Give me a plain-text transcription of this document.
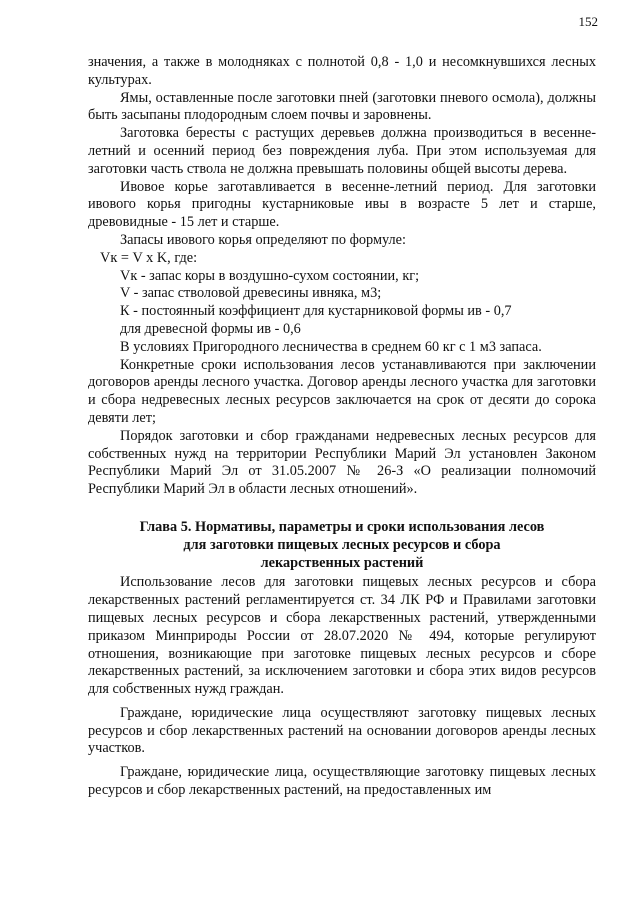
152

значения, а также в молодняках с полнотой 0,8 - 1,0 и несомкнувшихся лесных культурах.

Ямы, оставленные после заготовки пней (заготовки пневого осмола), должны быть засыпаны плодородным слоем почвы и заровнены.

Заготовка бересты с растущих деревьев должна производиться в весенне-летний и осенний период без повреждения луба. При этом используемая для заготовки часть ствола не должна превышать половины общей высоты дерева.

Ивовое корье заготавливается в весенне-летний период. Для заготовки ивового корья пригодны кустарниковые ивы в возрасте 5 лет и старше, древовидные - 15 лет и старше.

Запасы ивового корья определяют по формуле:

Vк = V x K, где:

Vк - запас коры в воздушно-сухом состоянии, кг;

V - запас стволовой древесины ивняка, м3;

К - постоянный коэффициент для кустарниковой формы ив - 0,7

для древесной формы ив - 0,6

В условиях Пригородного лесничества в среднем 60 кг с 1 м3 запаса.

Конкретные сроки использования лесов устанавливаются при заключении договоров аренды лесного участка. Договор аренды лесного участка для заготовки и сбора недревесных лесных ресурсов заключается на срок от десяти до сорока девяти лет;

Порядок заготовки и сбор гражданами недревесных лесных ресурсов для собственных нужд на территории Республики Марий Эл установлен Законом Республики Марий Эл от 31.05.2007 № 26-З «О реализации полномочий Республики Марий Эл в области лесных отношений».

Глава 5. Нормативы, параметры и сроки использования лесов
для заготовки пищевых лесных ресурсов и сбора
лекарственных растений

Использование лесов для заготовки пищевых лесных ресурсов и сбора лекарственных растений регламентируется ст. 34 ЛК РФ и Правилами заготовки пищевых лесных ресурсов и сбора лекарственных растений, утвержденными приказом Минприроды России от 28.07.2020 № 494, которые регулируют отношения, возникающие при заготовке пищевых лесных ресурсов и сборе лекарственных растений, за исключением заготовки и сбора этих видов ресурсов для собственных нужд граждан.

Граждане, юридические лица осуществляют заготовку пищевых лесных ресурсов и сбор лекарственных растений на основании договоров аренды лесных участков.

Граждане, юридические лица, осуществляющие заготовку пищевых лесных ресурсов и сбор лекарственных растений, на предоставленных им
